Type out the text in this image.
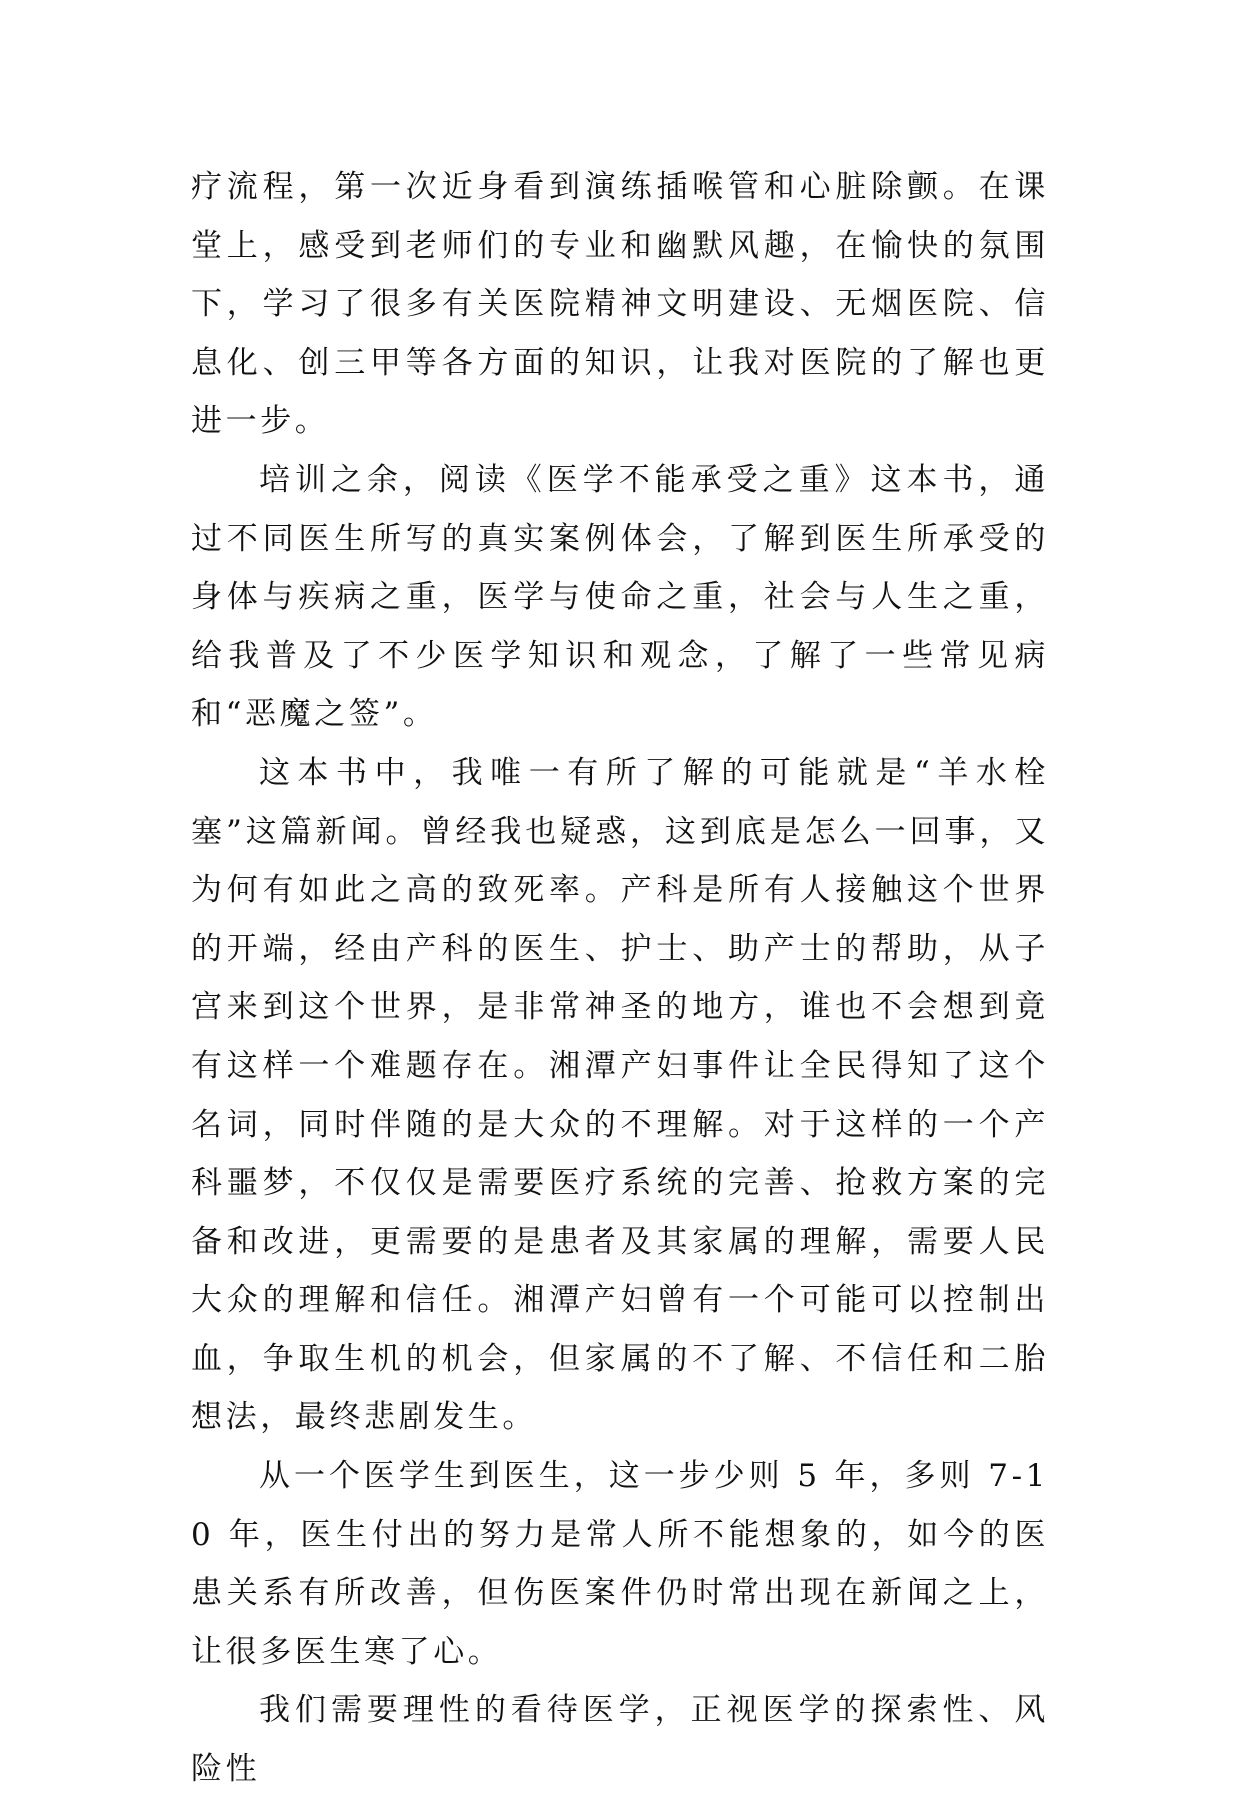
疗流程，第一次近身看到演练插喉管和心脏除颤。在课堂上，感受到老师们的专业和幽默风趣，在愉快的氛围下，学习了很多有关医院精神文明建设、无烟医院、信息化、创三甲等各方面的知识，让我对医院的了解也更进一步。

培训之余，阅读《医学不能承受之重》这本书，通过不同医生所写的真实案例体会，了解到医生所承受的身体与疾病之重，医学与使命之重，社会与人生之重，给我普及了不少医学知识和观念，了解了一些常见病和“恶魔之签”。

这本书中，我唯一有所了解的可能就是“羊水栓塞”这篇新闻。曾经我也疑惑，这到底是怎么一回事，又为何有如此之高的致死率。产科是所有人接触这个世界的开端，经由产科的医生、护士、助产士的帮助，从子宫来到这个世界，是非常神圣的地方，谁也不会想到竟有这样一个难题存在。湘潭产妇事件让全民得知了这个名词，同时伴随的是大众的不理解。对于这样的一个产科噩梦，不仅仅是需要医疗系统的完善、抢救方案的完备和改进，更需要的是患者及其家属的理解，需要人民大众的理解和信任。湘潭产妇曾有一个可能可以控制出血，争取生机的机会，但家属的不了解、不信任和二胎想法，最终悲剧发生。

从一个医学生到医生，这一步少则 5 年，多则 7-10 年，医生付出的努力是常人所不能想象的，如今的医患关系有所改善，但伤医案件仍时常出现在新闻之上，让很多医生寒了心。

我们需要理性的看待医学，正视医学的探索性、风险性
